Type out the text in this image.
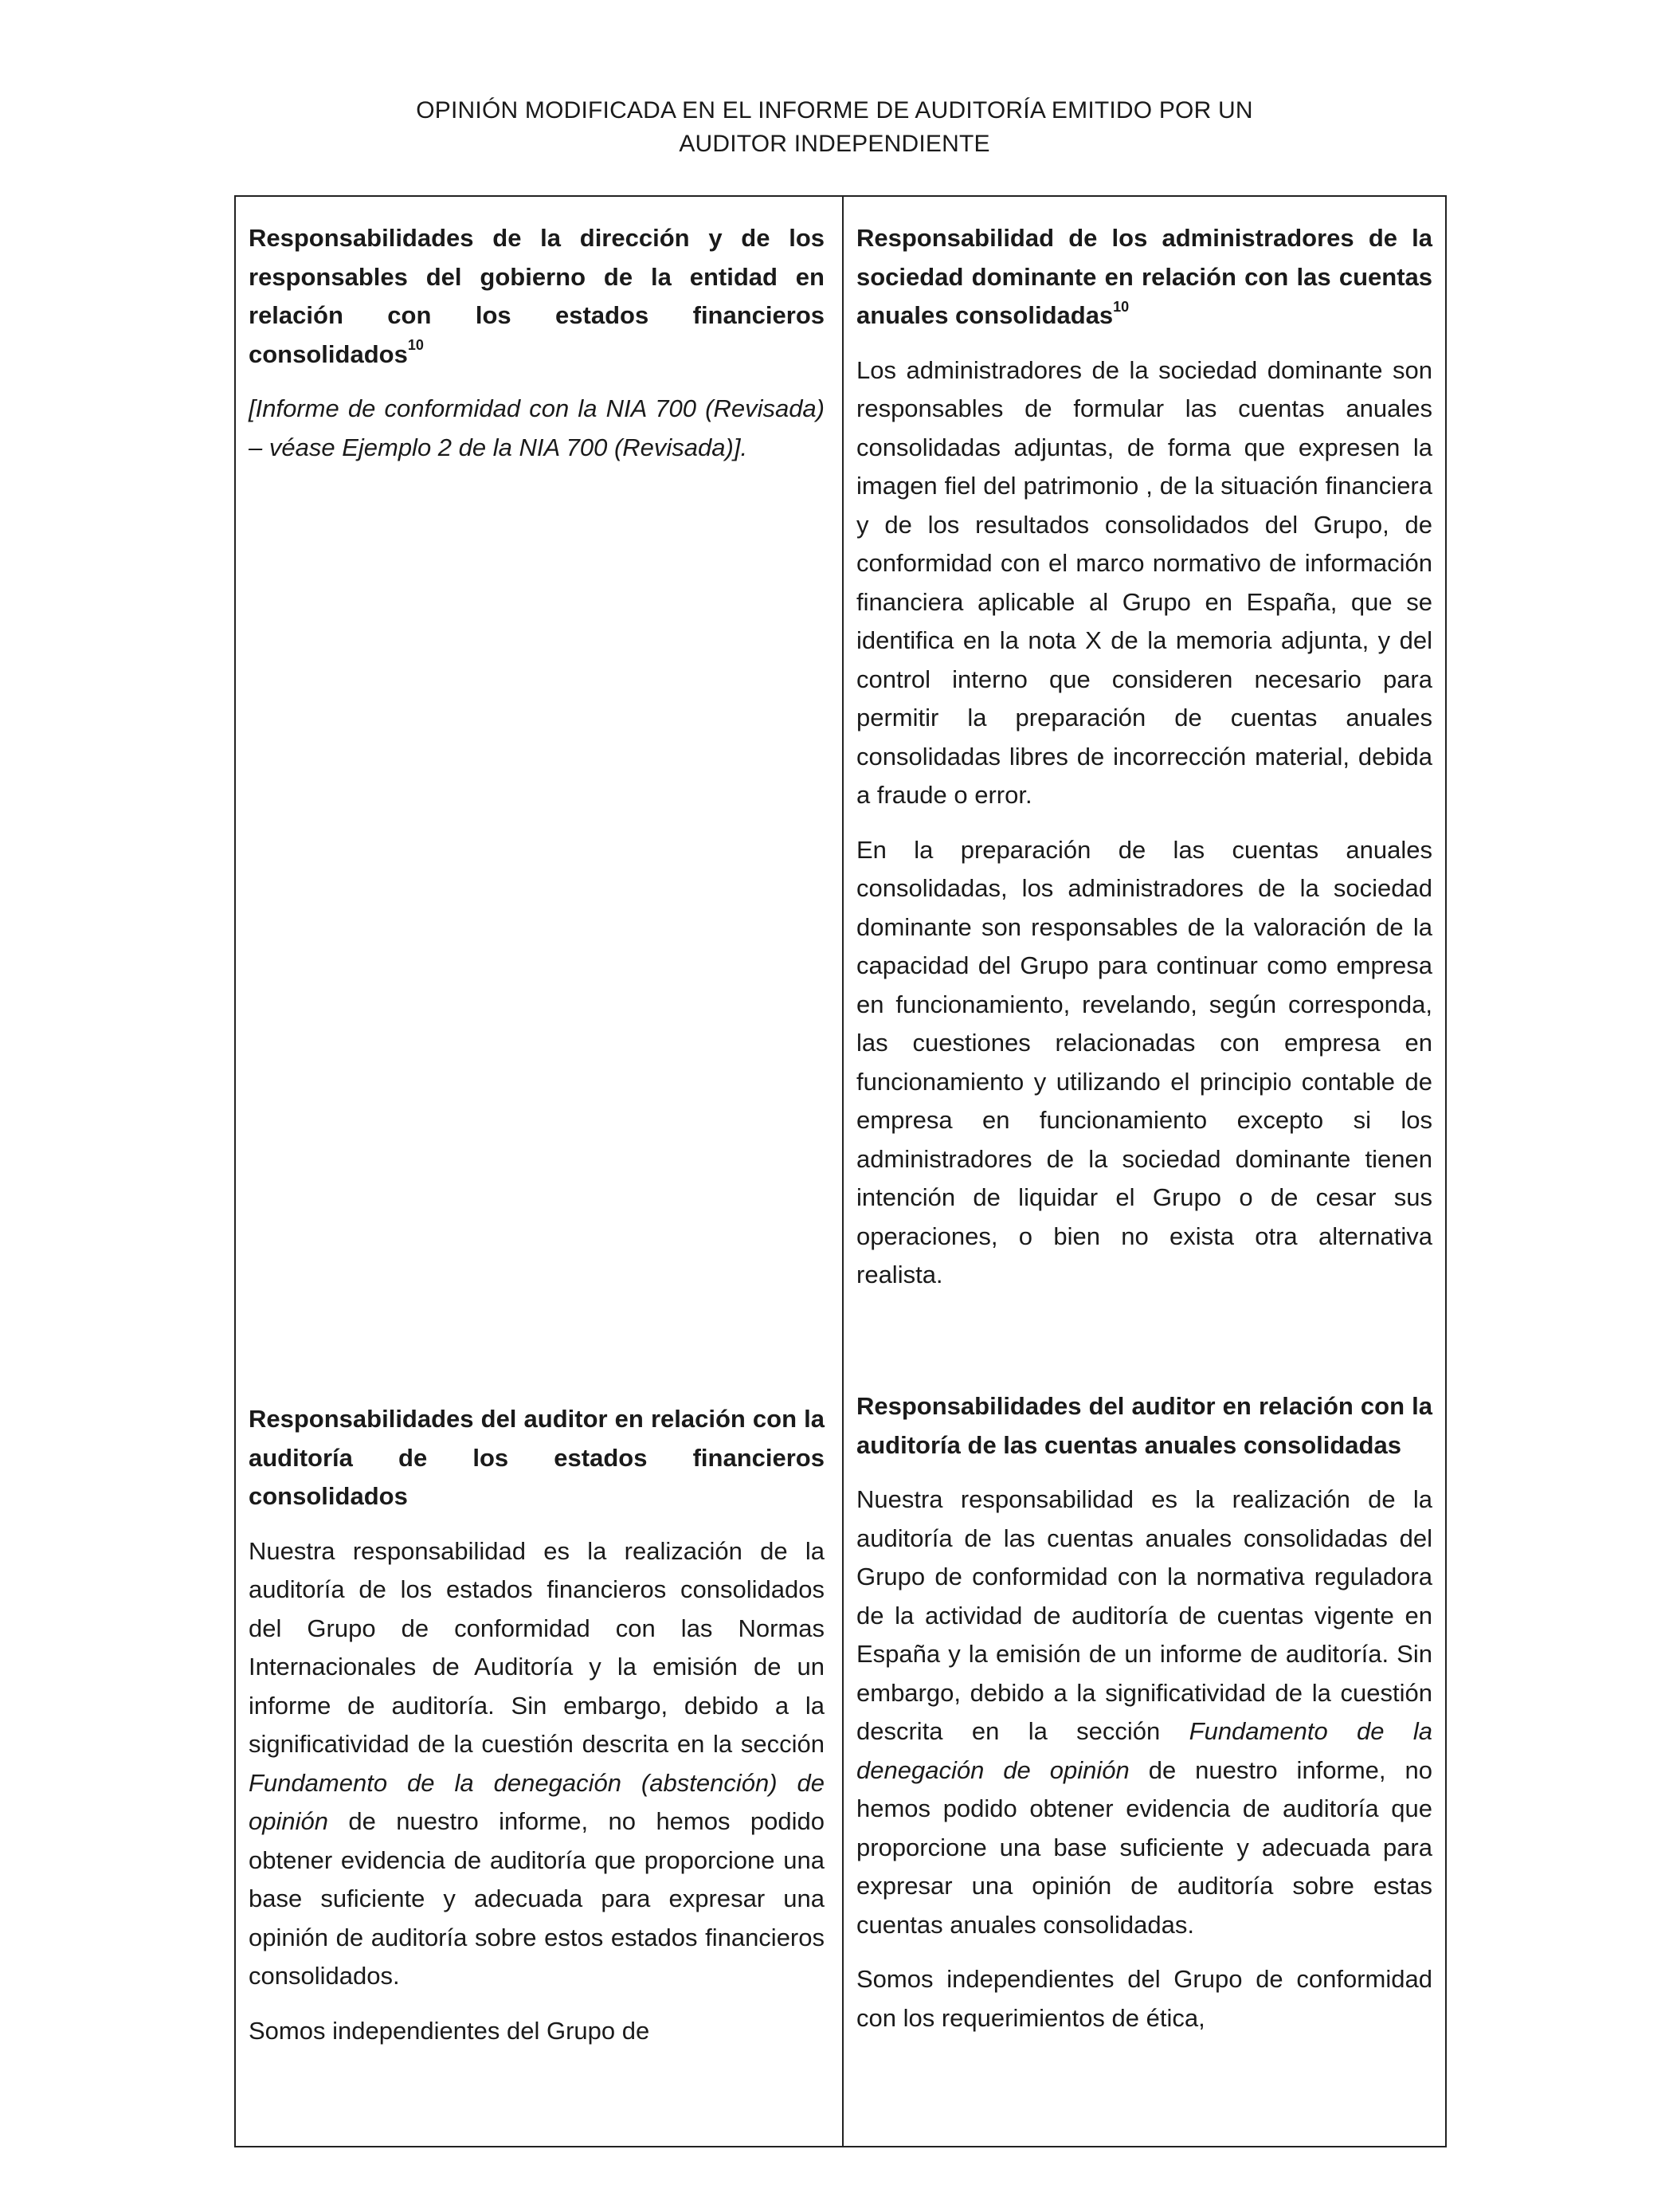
OPINIÓN MODIFICADA EN EL INFORME DE AUDITORÍA EMITIDO POR UN
AUDITOR INDEPENDIENTE

Responsabilidades de la dirección y de los responsables del gobierno de la entidad en relación con los estados financieros consolidados$^{10}$

[Informe de conformidad con la NIA 700 (Revisada) – véase Ejemplo 2 de la NIA 700 (Revisada)].

Responsabilidades del auditor en relación con la auditoría de los estados financieros consolidados

Nuestra responsabilidad es la realización de la auditoría de los estados financieros consolidados del Grupo de conformidad con las Normas Internacionales de Auditoría y la emisión de un informe de auditoría. Sin embargo, debido a la significatividad de la cuestión descrita en la sección Fundamento de la denegación (abstención) de opinión de nuestro informe, no hemos podido obtener evidencia de auditoría que proporcione una base suficiente y adecuada para expresar una opinión de auditoría sobre estos estados financieros consolidados.

Somos independientes del Grupo de

Responsabilidad de los administradores de la sociedad dominante en relación con las cuentas anuales consolidadas$^{10}$

Los administradores de la sociedad dominante son responsables de formular las cuentas anuales consolidadas adjuntas, de forma que expresen la imagen fiel del patrimonio , de la situación financiera y de los resultados consolidados del Grupo, de conformidad con el marco normativo de información financiera aplicable al Grupo en España, que se identifica en la nota X de la memoria adjunta, y del control interno que consideren necesario para permitir la preparación de cuentas anuales consolidadas libres de incorrección material, debida a fraude o error.

En la preparación de las cuentas anuales consolidadas, los administradores de la sociedad dominante son responsables de la valoración de la capacidad del Grupo para continuar como empresa en funcionamiento, revelando, según corresponda, las cuestiones relacionadas con empresa en funcionamiento y utilizando el principio contable de empresa en funcionamiento excepto si los administradores de la sociedad dominante tienen intención de liquidar el Grupo o de cesar sus operaciones, o bien no exista otra alternativa realista.

Responsabilidades del auditor en relación con la auditoría de las cuentas anuales consolidadas

Nuestra responsabilidad es la realización de la auditoría de las cuentas anuales consolidadas del Grupo de conformidad con la normativa reguladora de la actividad de auditoría de cuentas vigente en España y la emisión de un informe de auditoría. Sin embargo, debido a la significatividad de la cuestión descrita en la sección Fundamento de la denegación de opinión de nuestro informe, no hemos podido obtener evidencia de auditoría que proporcione una base suficiente y adecuada para expresar una opinión de auditoría sobre estas cuentas anuales consolidadas.

Somos independientes del Grupo de conformidad con los requerimientos de ética,
